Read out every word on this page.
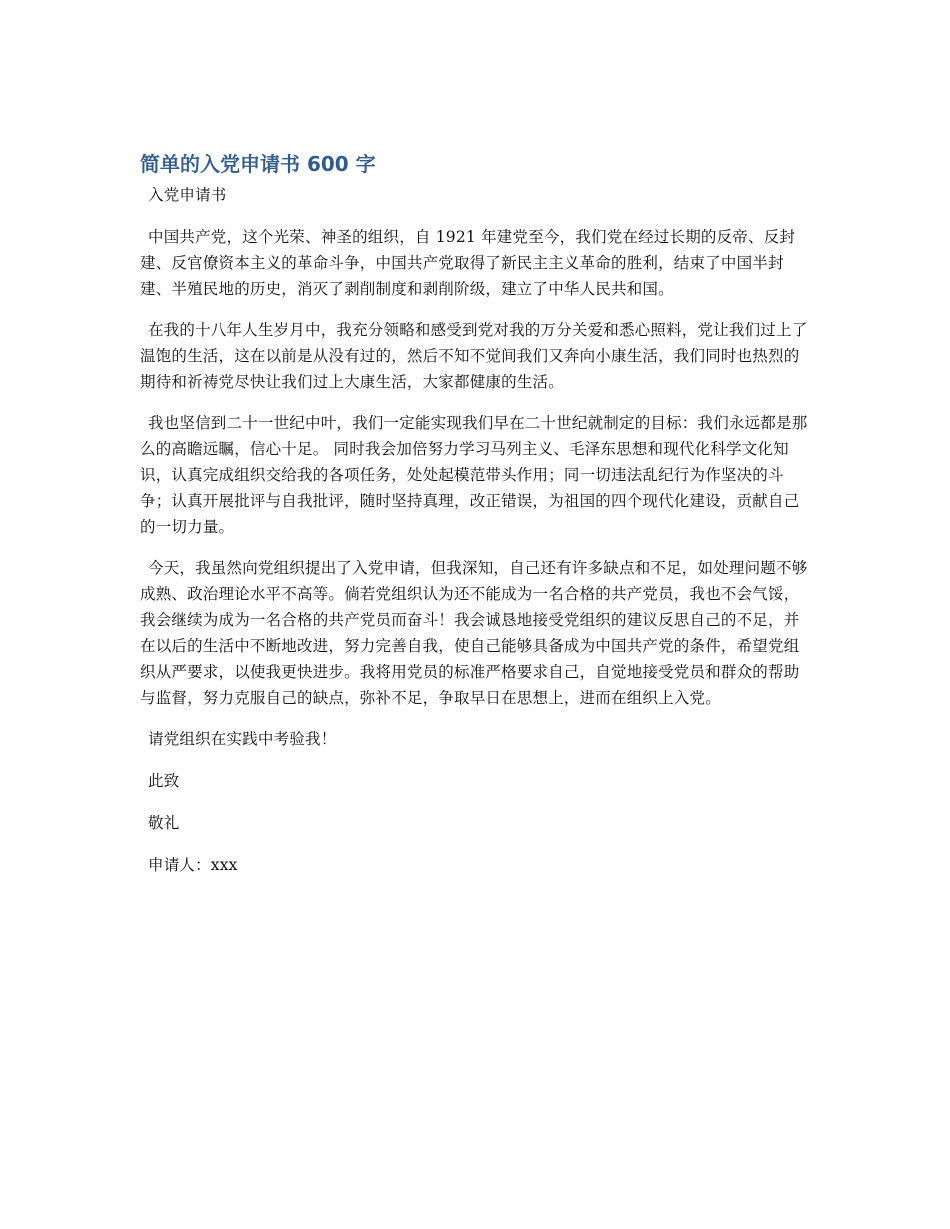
简单的入党申请书 600 字

入党申请书

中国共产党，这个光荣、神圣的组织，自 1921 年建党至今，我们党在经过长期的反帝、反封建、反官僚资本主义的革命斗争，中国共产党取得了新民主主义革命的胜利，结束了中国半封建、半殖民地的历史，消灭了剥削制度和剥削阶级，建立了中华人民共和国。

在我的十八年人生岁月中，我充分领略和感受到党对我的万分关爱和悉心照料，党让我们过上了温饱的生活，这在以前是从没有过的，然后不知不觉间我们又奔向小康生活，我们同时也热烈的期待和祈祷党尽快让我们过上大康生活，大家都健康的生活。

我也坚信到二十一世纪中叶，我们一定能实现我们早在二十世纪就制定的目标：我们永远都是那么的高瞻远瞩，信心十足。 同时我会加倍努力学习马列主义、毛泽东思想和现代化科学文化知识，认真完成组织交给我的各项任务，处处起模范带头作用；同一切违法乱纪行为作坚决的斗争；认真开展批评与自我批评，随时坚持真理，改正错误，为祖国的四个现代化建设，贡献自己的一切力量。

今天，我虽然向党组织提出了入党申请，但我深知，自己还有许多缺点和不足，如处理问题不够成熟、政治理论水平不高等。倘若党组织认为还不能成为一名合格的共产党员，我也不会气馁，我会继续为成为一名合格的共产党员而奋斗！我会诚恳地接受党组织的建议反思自己的不足，并在以后的生活中不断地改进，努力完善自我，使自己能够具备成为中国共产党的条件，希望党组织从严要求，以使我更快进步。我将用党员的标准严格要求自己，自觉地接受党员和群众的帮助与监督，努力克服自己的缺点，弥补不足，争取早日在思想上，进而在组织上入党。

请党组织在实践中考验我！

此致

敬礼

申请人：xxx
